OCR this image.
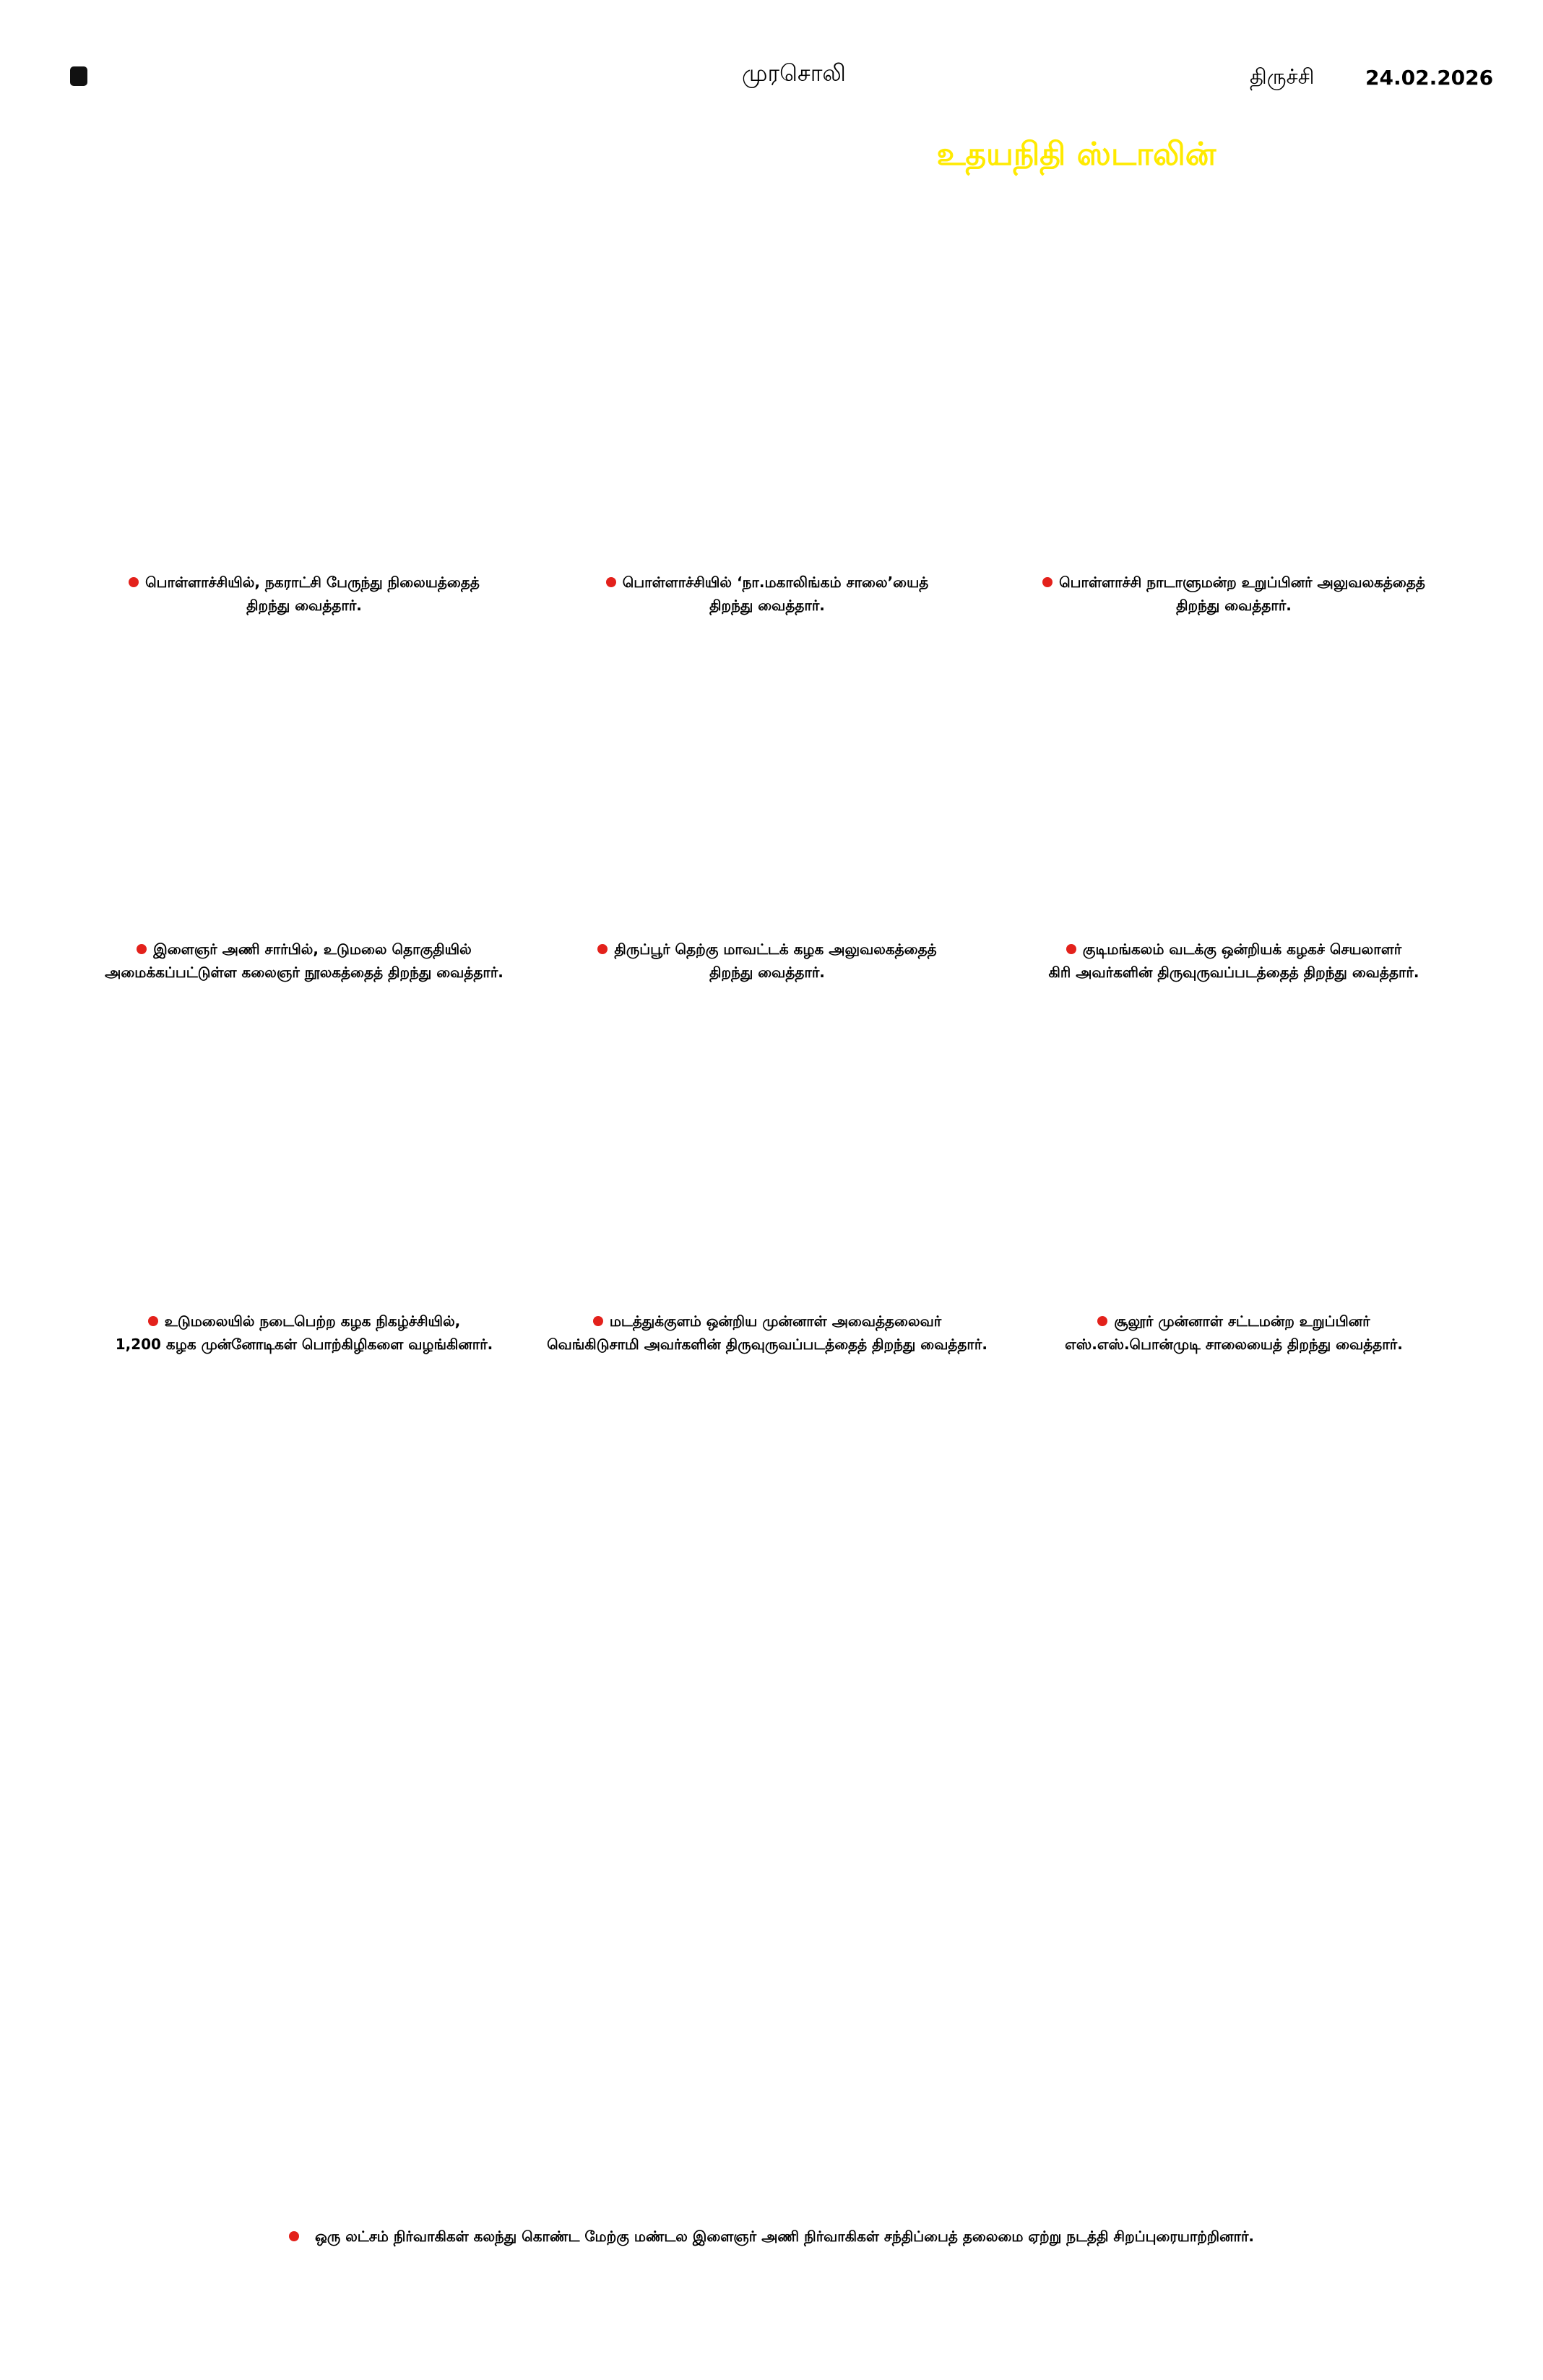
முரசொலி	திருச்சி	24.02.2026
உதயநிதி ஸ்டாலின்
பொள்ளாச்சியில், நகராட்சி பேருந்து நிலையத்தைத்
திறந்து வைத்தார்.
பொள்ளாச்சியில் ‘நா.மகாலிங்கம் சாலை’யைத்
திறந்து வைத்தார்.
பொள்ளாச்சி நாடாளுமன்ற உறுப்பினர் அலுவலகத்தைத்
திறந்து வைத்தார்.
இளைஞர் அணி சார்பில், உடுமலை தொகுதியில்
அமைக்கப்பட்டுள்ள கலைஞர் நூலகத்தைத் திறந்து வைத்தார்.
திருப்பூர் தெற்கு மாவட்டக் கழக அலுவலகத்தைத்
திறந்து வைத்தார்.
குடிமங்கலம் வடக்கு ஒன்றியக் கழகச் செயலாளர்
கிரி அவர்களின் திருவுருவப்படத்தைத் திறந்து வைத்தார்.
உடுமலையில் நடைபெற்ற கழக நிகழ்ச்சியில்,
1,200 கழக முன்னோடிகள் பொற்கிழிகளை வழங்கினார்.
மடத்துக்குளம் ஒன்றிய முன்னாள் அவைத்தலைவர்
வெங்கிடுசாமி அவர்களின் திருவுருவப்படத்தைத் திறந்து வைத்தார்.
சூலூர் முன்னாள் சட்டமன்ற உறுப்பினர்
எஸ்.எஸ்.பொன்முடி சாலையைத் திறந்து வைத்தார்.
ஒரு லட்சம் நிர்வாகிகள் கலந்து கொண்ட மேற்கு மண்டல இளைஞர் அணி நிர்வாகிகள் சந்திப்பைத் தலைமை ஏற்று நடத்தி சிறப்புரையாற்றினார்.
